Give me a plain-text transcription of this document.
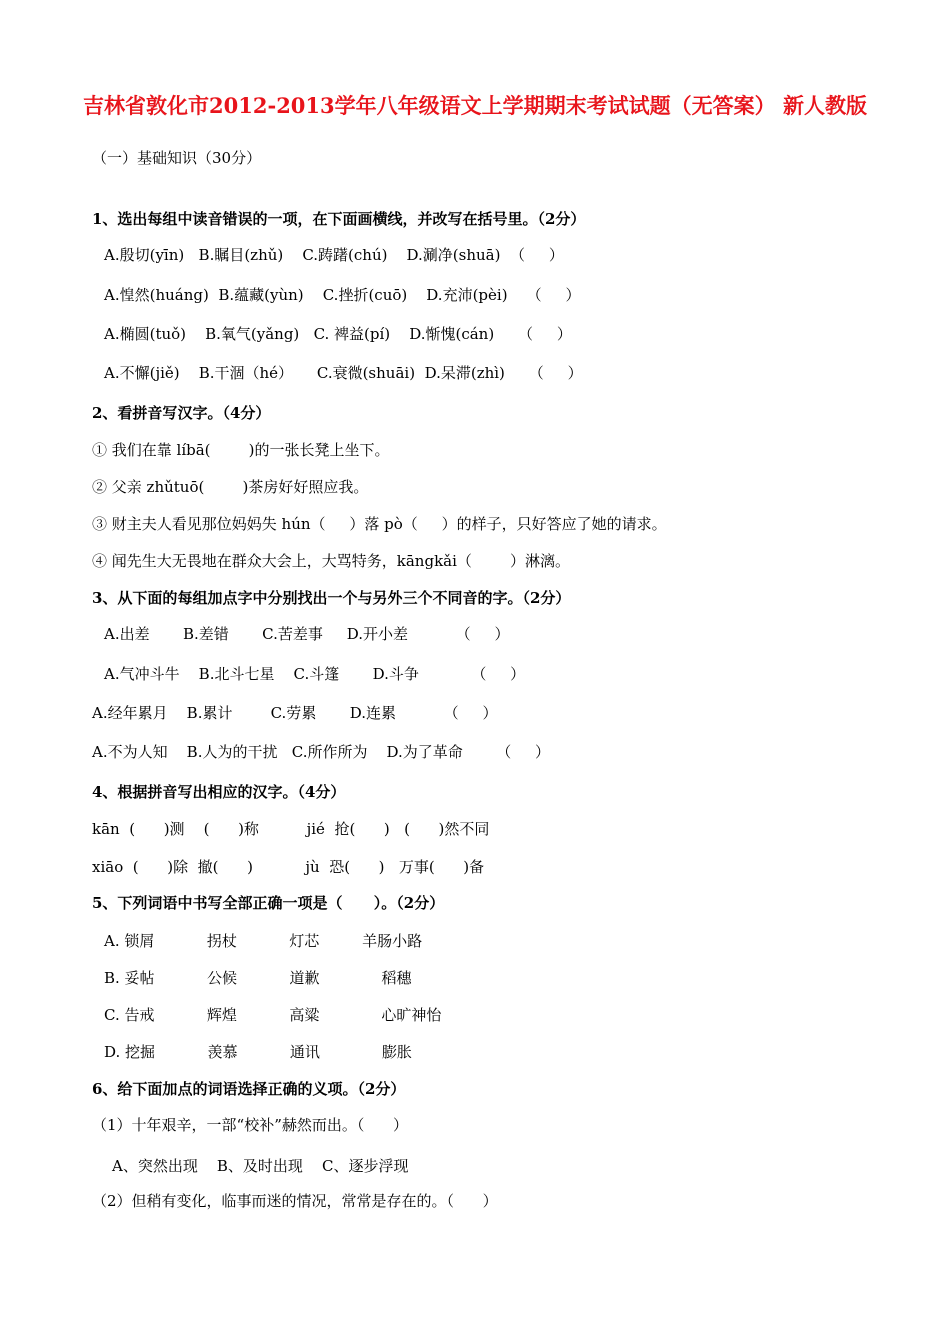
吉林省敦化市2012-2013学年八年级语文上学期期末考试试题（无答案） 新人教版
（一）基础知识（30分）
1、选出每组中读音错误的一项，在下面画横线，并改写在括号里。（2分）
A.殷切(yīn)   B.瞩目(zhǔ)    C.踌躇(chú)    D.涮净(shuā)  （     ）
A.惶然(huáng)  B.蕴藏(yùn)    C.挫折(cuō)    D.充沛(pèi)    （     ）
A.椭圆(tuǒ)    B.氧气(yǎng)   C. 裨益(pí)    D.惭愧(cán)     （     ）
A.不懈(jiě)    B.干涸（hé）     C.衰微(shuāi)  D.呆滞(zhì)     （     ）
2、看拼音写汉字。（4分）
① 我们在靠 líbā(        )的一张长凳上坐下。
② 父亲 zhǔtuō(        )茶房好好照应我。
③ 财主夫人看见那位妈妈失 hún（     ）落 pò（     ）的样子，只好答应了她的请求。
④ 闻先生大无畏地在群众大会上，大骂特务，kāngkǎi（        ）淋漓。
3、从下面的每组加点字中分别找出一个与另外三个不同音的字。（2分）
A.出差       B.差错       C.苦差事     D.开小差          （     ）
A.气冲斗牛    B.北斗七星    C.斗篷       D.斗争           （     ）
A.经年累月    B.累计        C.劳累       D.连累          （     ）
A.不为人知    B.人为的干扰   C.所作所为    D.为了革命       （     ）
4、根据拼音写出相应的汉字。（4分）
kān  (      )测    (      )称          jié  抢(      )   (      )然不同
xiāo  (      )除  撤(      )           jù  恐(      )   万事(      )备
5、下列词语中书写全部正确一项是（      ）。（2分）
A. 锁屑           拐杖           灯芯         羊肠小路
B. 妥帖           公候           道歉             稻穗
C. 告戒           辉煌           高粱             心旷神怡
D. 挖掘           羡慕           通讯             膨胀
6、给下面加点的词语选择正确的义项。（2分）
（1）十年艰辛，一部“校补”赫然而出。（      ）
A、突然出现    B、及时出现    C、逐步浮现
（2）但稍有变化，临事而迷的情况，常常是存在的。（      ）
